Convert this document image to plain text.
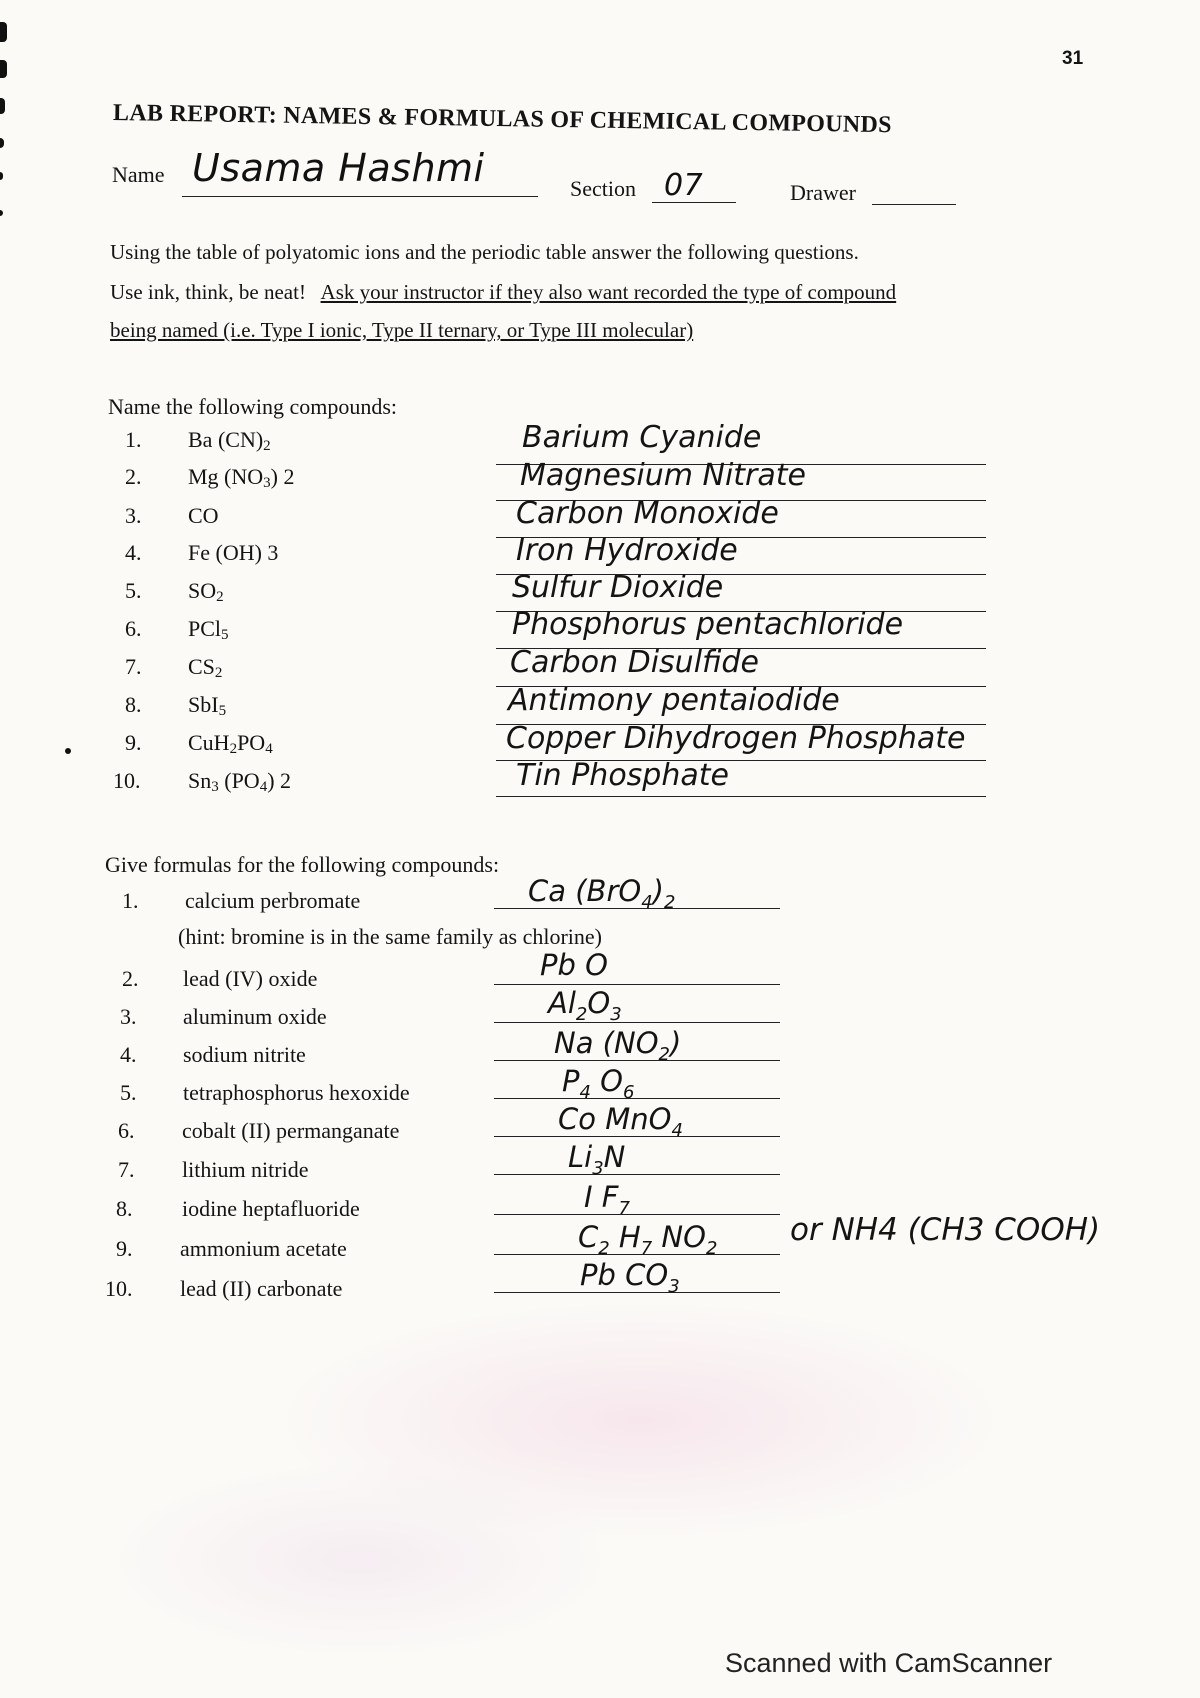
31
LAB REPORT: NAMES & FORMULAS OF CHEMICAL COMPOUNDS
Name Usama Hashmi	Section 07	Drawer
Using the table of polyatomic ions and the periodic table answer the following questions.
Use ink, think, be neat! Ask your instructor if they also want recorded the type of compound
being named (i.e. Type I ionic, Type II ternary, or Type III molecular)
Name the following compounds:
1.
2.
3.
4.
5.
6.
7.
8.
9.
10.
Ba $(CN)_2$
Mg $(NO_3)$ 2
CO
Fe (OH) 3
$SO_2$
PCl$_5$
$CS_2$
SbI$_5$
$CuH_2PO_4$
$Sn_3$ $(PO_4)$ 2
Barium Cyanide
Magnesium Nitrate
Carbon Monoxide
Iron Hydroxide
Sulfur Dioxide
Phosphorus pentachloride
Carbon Disulfide
Antimony pentaiodide
Copper Dihydrogen Phosphate
Tin Phosphate
Give formulas for the following compounds:
1. calcium perbromate
(hint: bromine is in the same family as chlorine)
2. lead (IV) oxide
3. aluminum oxide
4. sodium nitrite
5. tetraphosphorus hexoxide
6. cobalt (II) permanganate
7. lithium nitride
8. iodine heptafluoride
9. ammonium acetate
10. lead (II) carbonate
Ca $(BrO_4)_2$
Pb O
$Al_2O_3$
Na $(NO_2)$
$P_4$ $O_6$
Co MnO$_4$
$Li_3N$
I $F_7$
$C_2$ $H_7$ $NO_2$
or NH4 (CH3 COOH)
Pb $CO_3$
Scanned with CamScanner
